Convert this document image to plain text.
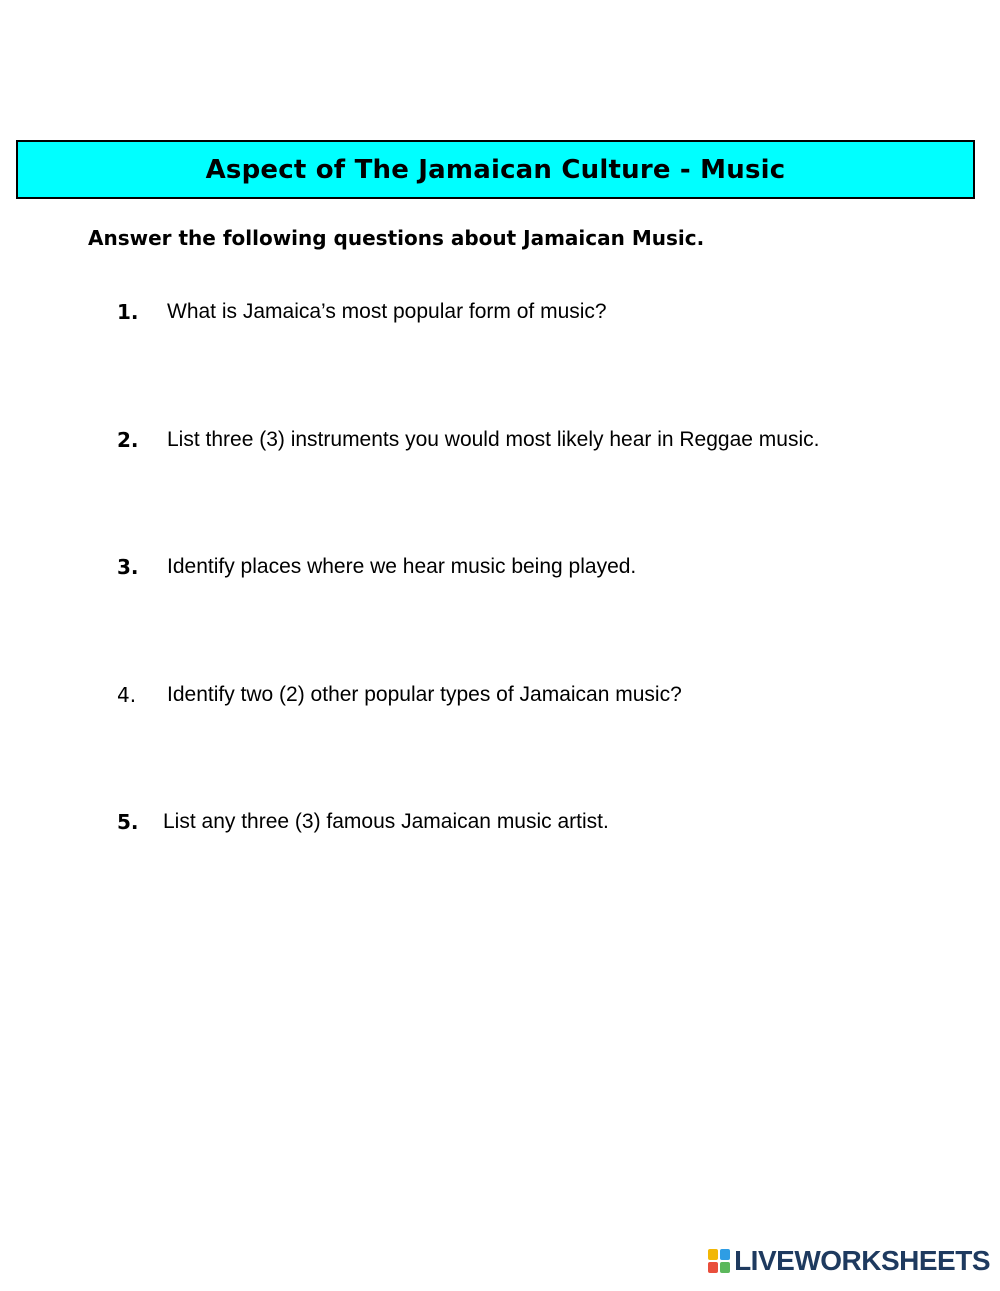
Aspect of The Jamaican Culture - Music
Answer the following questions about Jamaican Music.
1.	What is Jamaica’s most popular form of music?
2.	List three (3) instruments you would most likely hear in Reggae music.
3.	Identify places where we hear music being played.
4.	Identify two (2) other popular types of Jamaican music?
5.	List any three (3) famous Jamaican music artist.
LIVEWORKSHEETS
